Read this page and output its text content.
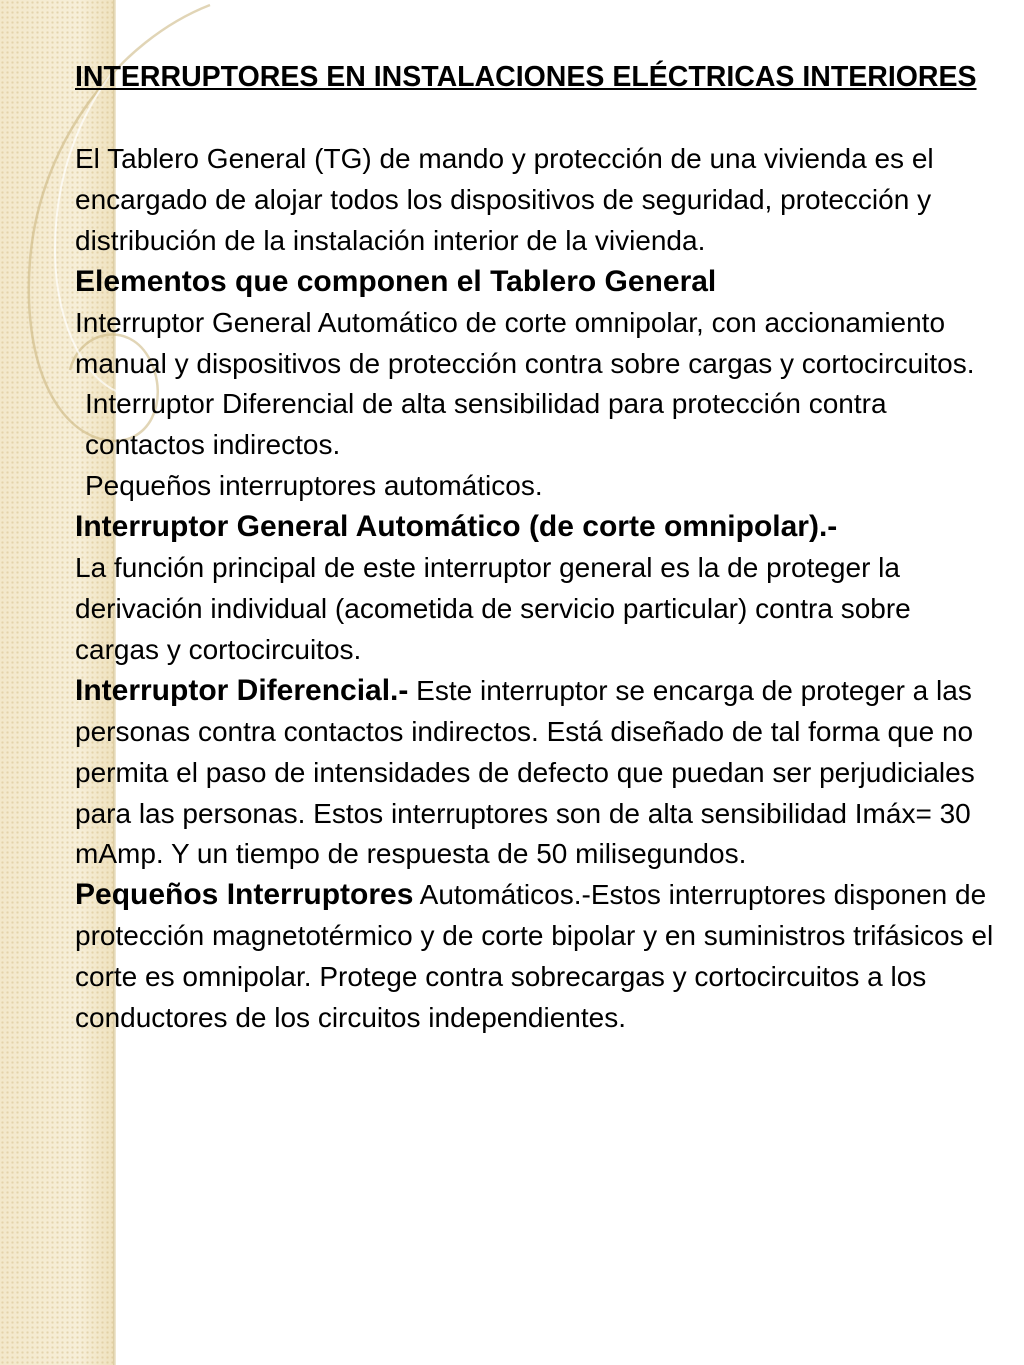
INTERRUPTORES EN INSTALACIONES ELÉCTRICAS INTERIORES

El Tablero General (TG) de mando y protección de una vivienda es el encargado de alojar todos los dispositivos de seguridad, protección y distribución de la instalación interior de la vivienda.

Elementos que componen el Tablero General

Interruptor General Automático de corte omnipolar, con accionamiento manual y dispositivos de protección contra sobre cargas y cortocircuitos.

Interruptor Diferencial de alta sensibilidad para protección contra contactos indirectos.

Pequeños interruptores automáticos.

Interruptor General Automático (de corte omnipolar).-

La función principal de este interruptor general es la de proteger la derivación individual (acometida de servicio particular) contra sobre cargas y cortocircuitos.

Interruptor Diferencial.- Este interruptor se encarga de proteger a las personas contra contactos indirectos. Está diseñado de tal forma que no permita el paso de intensidades de defecto que puedan ser perjudiciales para las personas. Estos interruptores son de alta sensibilidad Imáx= 30 mAmp. Y un tiempo de respuesta de 50 milisegundos.

Pequeños Interruptores Automáticos.-Estos interruptores disponen de protección magnetotérmico y de corte bipolar y en suministros trifásicos el corte es omnipolar. Protege contra sobrecargas y cortocircuitos a los conductores de los circuitos independientes.
